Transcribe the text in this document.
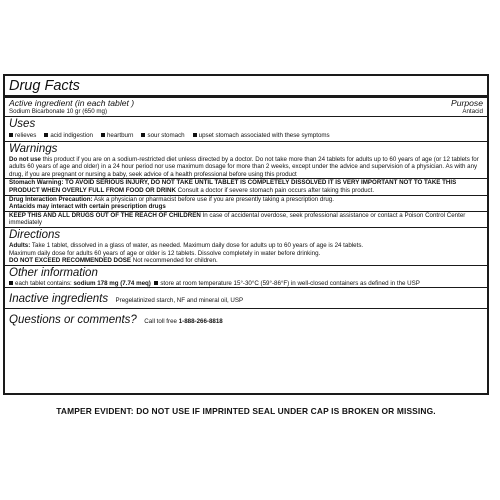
Drug Facts
Active ingredient (in each tablet )	Purpose
Sodium Bicarbonate 10 gr (650 mg)	Antacid
Uses
relieves	acid indigestion	heartburn	sour stomach	upset stomach associated with these symptoms
Warnings

Do not use this product if you are on a sodium-restricted diet unless directed by a doctor. Do not take more than 24 tablets for adults up to 60 years of age (or 12 tablets for adults 60 years of age and older) in a 24 hour period nor use maximum dosage for more than 2 weeks, except under the advice and supervision of a physician. As with any drug, if you are pregnant or nursing a baby, seek advice of a health professional before using this product

Stomach Warning: TO AVOID SERIOUS INJURY, DO NOT TAKE UNTIL TABLET IS COMPLETELY DISSOLVED IT IS VERY IMPORTANT NOT TO TAKE THIS PRODUCT WHEN OVERLY FULL FROM FOOD OR DRINK Consult a doctor if severe stomach pain occurs after taking this product.

Drug Interaction Precaution: Ask a physician or pharmacist before use if you are presently taking a prescription drug.

Antacids may interact with certain prescription drugs

KEEP THIS AND ALL DRUGS OUT OF THE REACH OF CHILDREN In case of accidental overdose, seek professional assistance or contact a Poison Control Center immediately

Directions

Adults: Take 1 tablet, dissolved in a glass of water, as needed. Maximum daily dose for adults up to 60 years of age is 24 tablets.

Maximum daily dose for adults 60 years of age or older is 12 tablets. Dissolve completely in water before drinking.

DO NOT EXCEED RECOMMENDED DOSE Not recommended for children.

Other information

each tablet contains: sodium 178 mg (7.74 meq) store at room temperature 15°-30°C (59°-86°F) in well-closed containers as defined in the USP

Inactive ingredients Pregelatinized starch, NF and mineral oil, USP
Questions or comments? Call toll free 1-888-266-8818
TAMPER EVIDENT: DO NOT USE IF IMPRINTED SEAL UNDER CAP IS BROKEN OR MISSING.
